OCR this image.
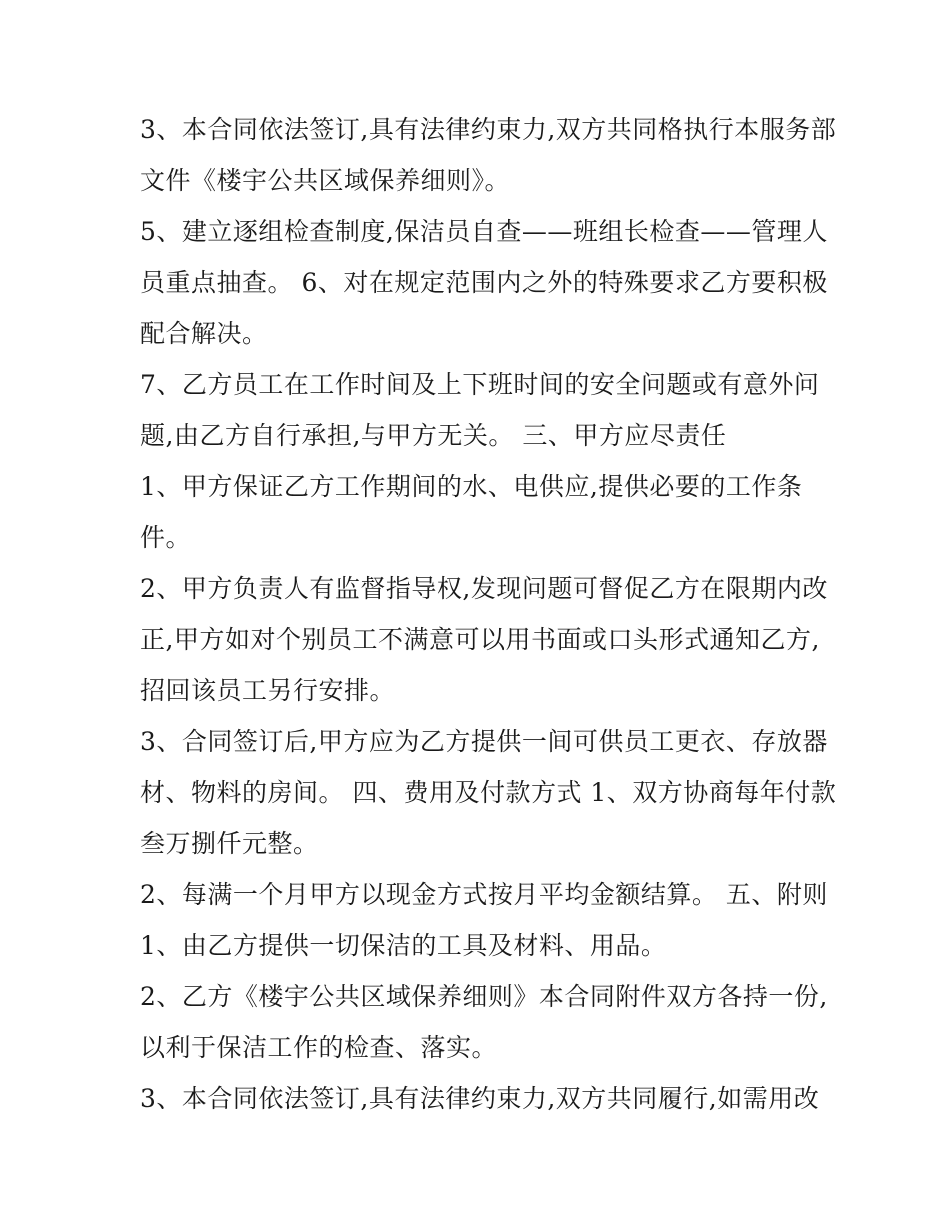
3、本合同依法签订,具有法律约束力,双方共同格执行本服务部
文件《楼宇公共区域保养细则》。
5、建立逐组检查制度,保洁员自查——班组长检查——管理人
员重点抽查。 6、对在规定范围内之外的特殊要求乙方要积极
配合解决。
7、乙方员工在工作时间及上下班时间的安全问题或有意外问
题,由乙方自行承担,与甲方无关。 三、甲方应尽责任
1、甲方保证乙方工作期间的水、电供应,提供必要的工作条
件。
2、甲方负责人有监督指导权,发现问题可督促乙方在限期内改
正,甲方如对个别员工不满意可以用书面或口头形式通知乙方,
招回该员工另行安排。
3、合同签订后,甲方应为乙方提供一间可供员工更衣、存放器
材、物料的房间。 四、费用及付款方式 1、双方协商每年付款
叁万捌仟元整。
2、每满一个月甲方以现金方式按月平均金额结算。 五、附则
1、由乙方提供一切保洁的工具及材料、用品。
2、乙方《楼宇公共区域保养细则》本合同附件双方各持一份,
以利于保洁工作的检查、落实。
3、本合同依法签订,具有法律约束力,双方共同履行,如需用改
